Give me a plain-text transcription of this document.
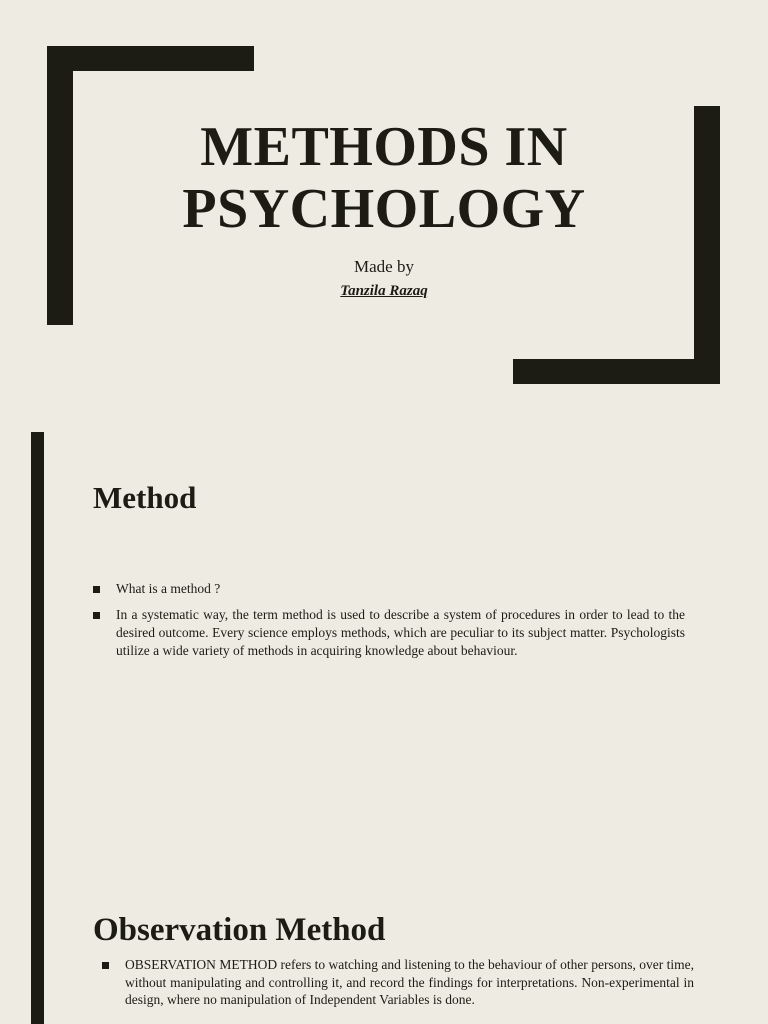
METHODS IN
PSYCHOLOGY
Made by
Tanzila Razaq
Method
What is a method ?
In a systematic way, the term method is used to describe a system of procedures in order to lead to the desired outcome. Every science employs methods, which are peculiar to its subject matter. Psychologists utilize a wide variety of methods in acquiring knowledge about behaviour.
Observation Method
OBSERVATION METHOD refers to watching and listening to the behaviour of other persons, over time, without manipulating and controlling it, and record the findings for interpretations. Non-experimental in design, where no manipulation of Independent Variables is done.
